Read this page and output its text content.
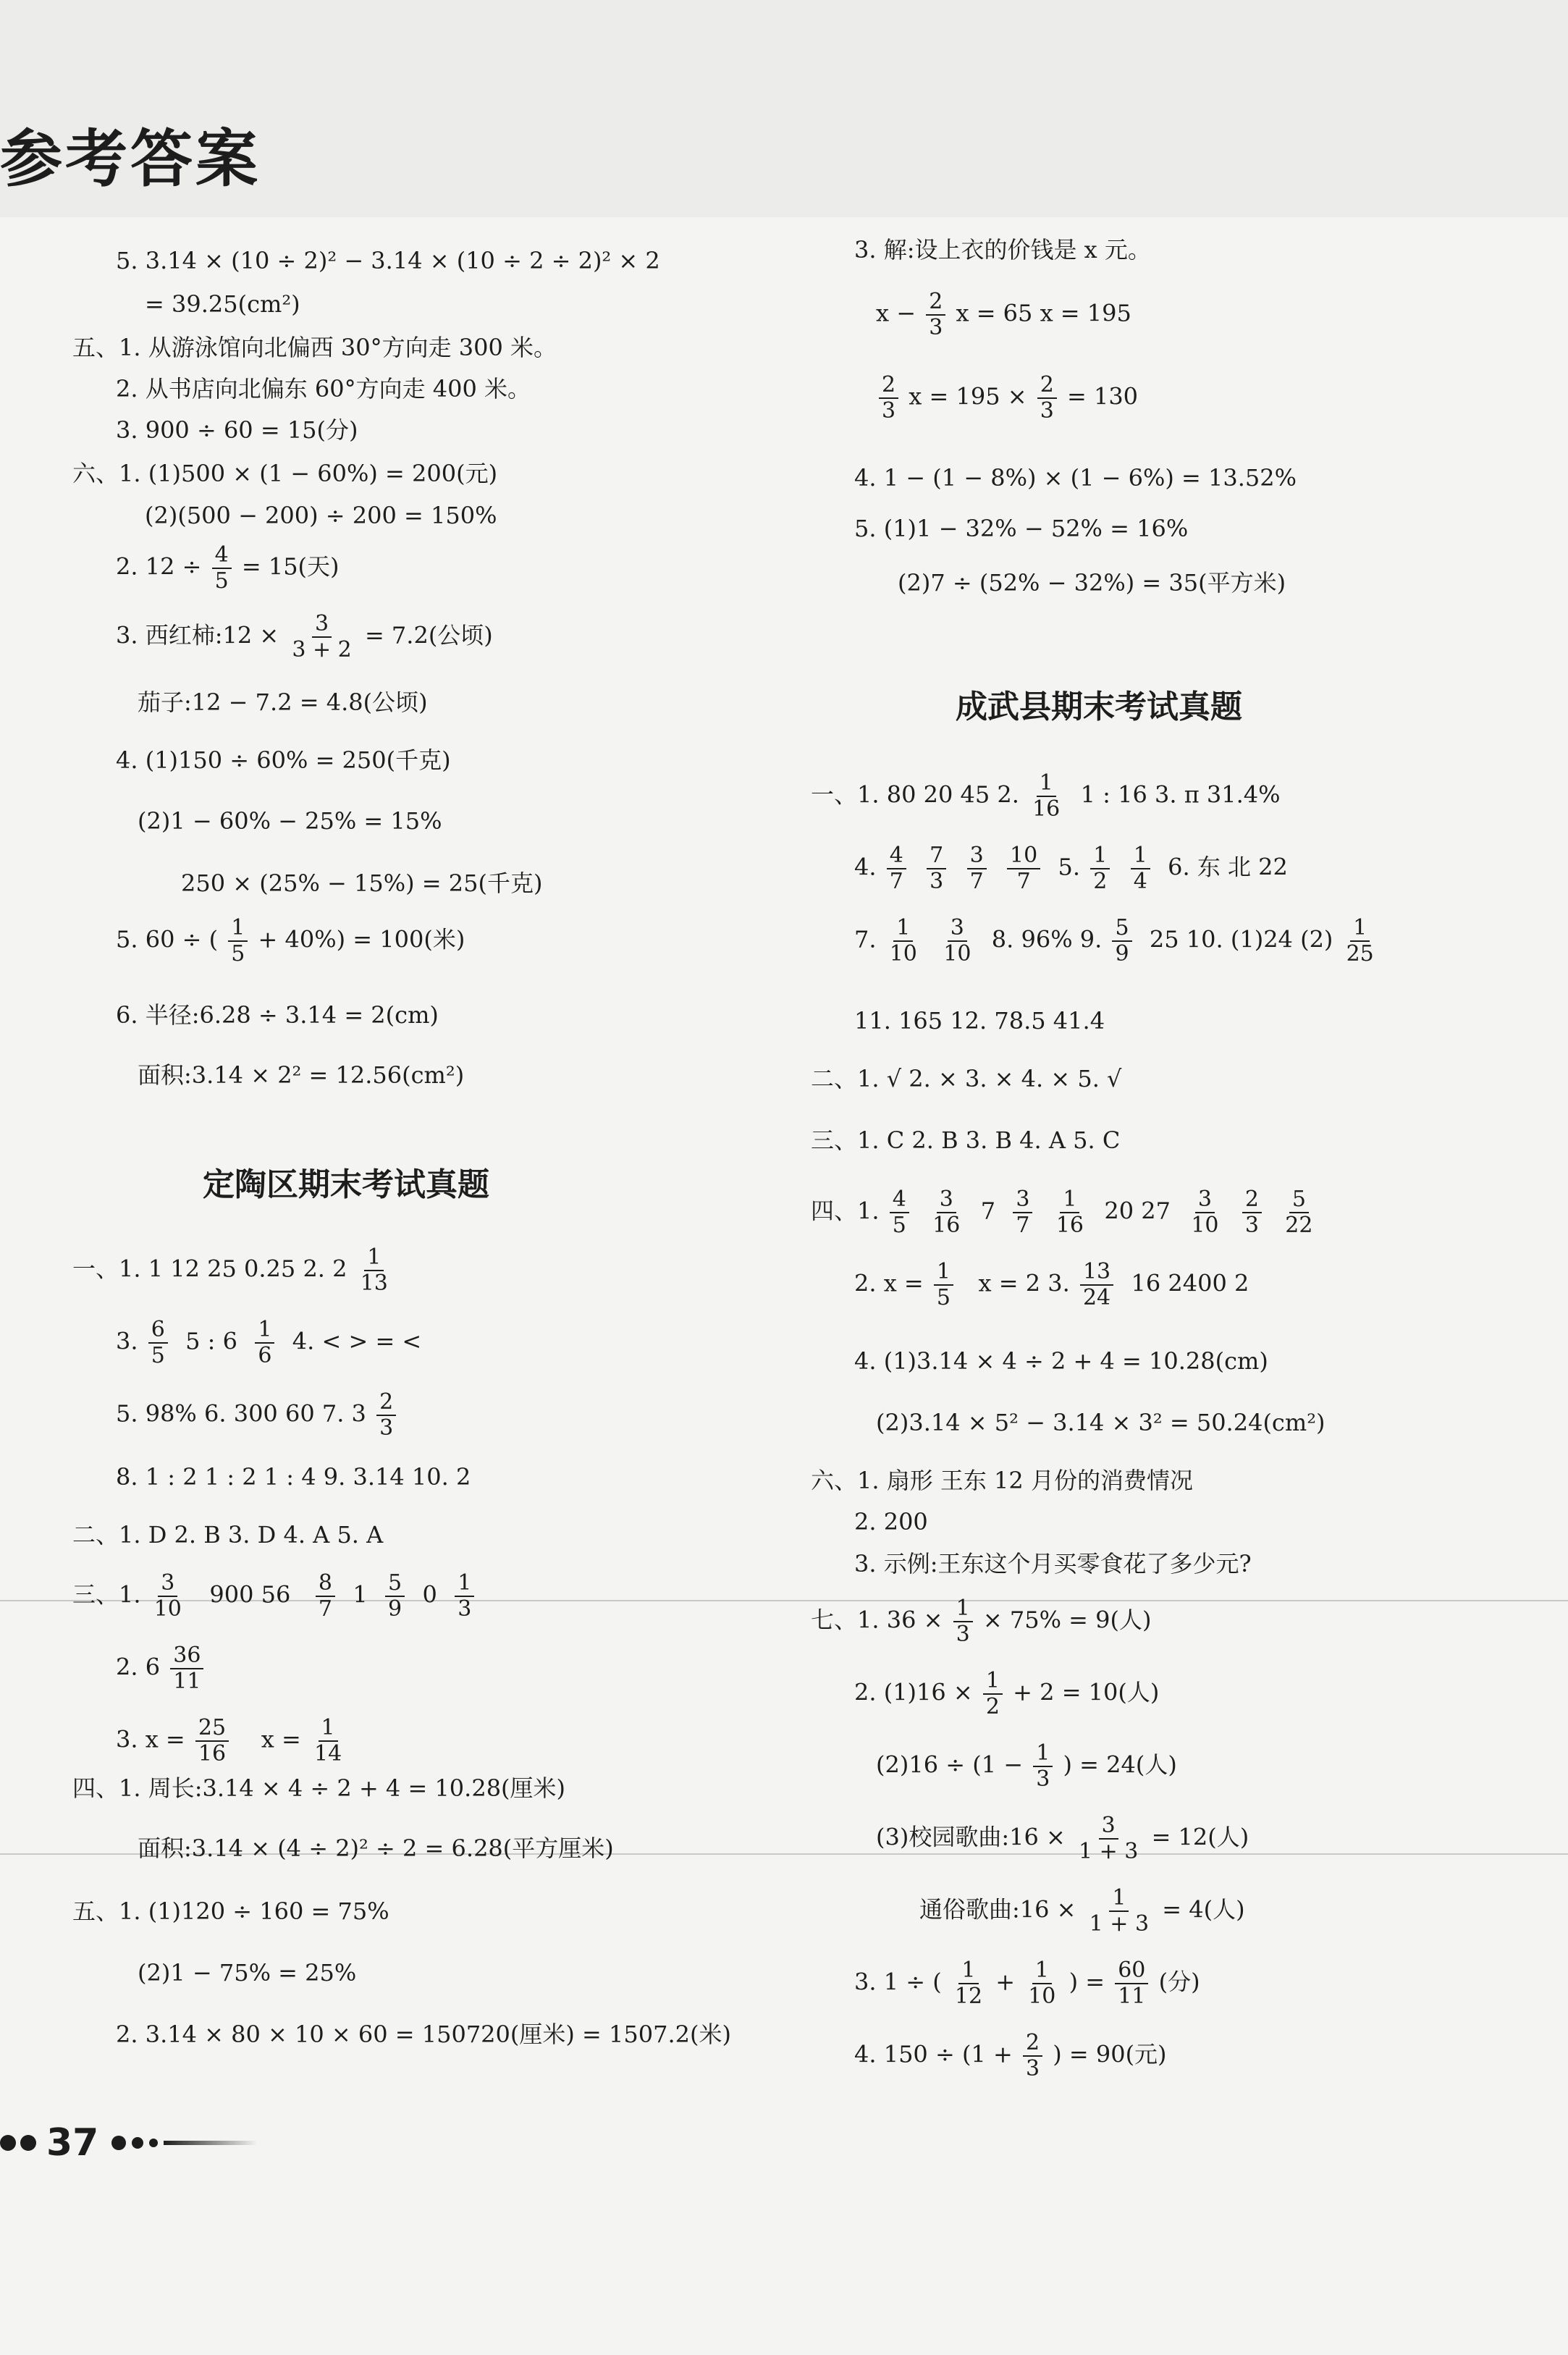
参考答案
5. 3.14 × (10 ÷ 2)² − 3.14 × (10 ÷ 2 ÷ 2)² × 2
= 39.25(cm²)
五、1. 从游泳馆向北偏西 30°方向走 300 米。
2. 从书店向北偏东 60°方向走 400 米。
3. 900 ÷ 60 = 15(分)
六、1. (1)500 × (1 − 60%) = 200(元)
(2)(500 − 200) ÷ 200 = 150%
2. $12 \div \frac{4}{5} = 15$(天)
3. 西红柿:12 × $\frac{3}{3 + 2} = 7.2$(公顷)
茄子:12 − 7.2 = 4.8(公顷)
4. (1)150 ÷ 60% = 250(千克)
(2)1 − 60% − 25% = 15%
250 × (25% − 15%) = 25(千克)
5. 60 ÷ ( $\frac{1}{5} + 40\%) = 100$(米)
6. 半径:6.28 ÷ 3.14 = 2(cm)
面积:3.14 × 2² = 12.56(cm²)
定陶区期末考试真题
一、1. 1 12 25 0.25 2. $2 \frac{1}{13}$
3. $\frac{6}{5} 5$ : $6 \frac{1}{6} 4$. < > = <
5. 98% 6. 300 60 7. $3 \frac{2}{3}$
8. 1 : 2 1 : 2 1 : 4 9. 3.14 10. 2
二、1. D 2. B 3. D 4. A 5. A
三、1. $\frac{3}{10} 900$ $56 \frac{8}{7} 1 \frac{5}{9} 0 \frac{1}{3}$
2. $6 \frac{36}{11}$
3. $x = \frac{25}{16}$ $x = \frac{1}{14}$
四、1. 周长:3.14 × 4 ÷ 2 + 4 = 10.28(厘米)
面积:3.14 × (4 ÷ 2)² ÷ 2 = 6.28(平方厘米)
五、1. (1)120 ÷ 160 = 75%
(2)1 − 75% = 25%
2. 3.14 × 80 × 10 × 60 = 150720(厘米) = 1507.2(米)
3. 解:设上衣的价钱是 x 元。
$x - \frac{2}{3}$ x = 65 x = 195
$\frac{2}{3}$ $x = 195 \times \frac{2}{3} = 130$
4. 1 − (1 − 8%) × (1 − 6%) = 13.52%
5. (1)1 − 32% − 52% = 16%
(2)7 ÷ (52% − 32%) = 35(平方米)
成武县期末考试真题
一、1. 80 20 45 2. $\frac{1}{16} 1$ : 16 3. π 31.4%
4. $\frac{4}{7}$
$\frac{7}{3}$
$\frac{3}{7}$
$\frac{10}{7} 5$. $\frac{1}{2}$
$\frac{1}{4} 6$. 东 北 22
7. $\frac{1}{10}$
$\frac{3}{10} 8$. 96% 9. $\frac{5}{9} 25$ 10. (1)24 $(2) \frac{1}{25}$
11. 165 12. 78.5 41.4
二、1. √ 2. × 3. × 4. × 5. √
三、1. C 2. B 3. B 4. A 5. C
四、1. $\frac{4}{5}$
$\frac{3}{16} 7 \frac{3}{7}$
$\frac{1}{16} 20$ $27 \frac{3}{10}$
$\frac{2}{3}$
$\frac{5}{22}$
2. $x = \frac{1}{5}$ x = 2 3. $\frac{13}{24} 16$ 2400 2
4. (1)3.14 × 4 ÷ 2 + 4 = 10.28(cm)
(2)3.14 × 5² − 3.14 × 3² = 50.24(cm²)
六、1. 扇形 王东 12 月份的消费情况
2. 200
3. 示例:王东这个月买零食花了多少元?
七、1. $36 \times \frac{1}{3} \times 75\% = 9$(人)
2. $(1)16 \times \frac{1}{2} + 2 = 10$(人)
$(2)16 \div (1 - \frac{1}{3}$ ) = 24(人)
(3)校园歌曲:16 × $\frac{3}{1 + 3} = 12$(人)
通俗歌曲:16 × $\frac{1}{1 + 3} = 4$(人)
3. 1 ÷ ( $\frac{1}{12} + \frac{1}{10}$ ) = $\frac{60}{11}$ (分)
4. $150 \div (1 + \frac{2}{3}$ ) = 90(元)
37
